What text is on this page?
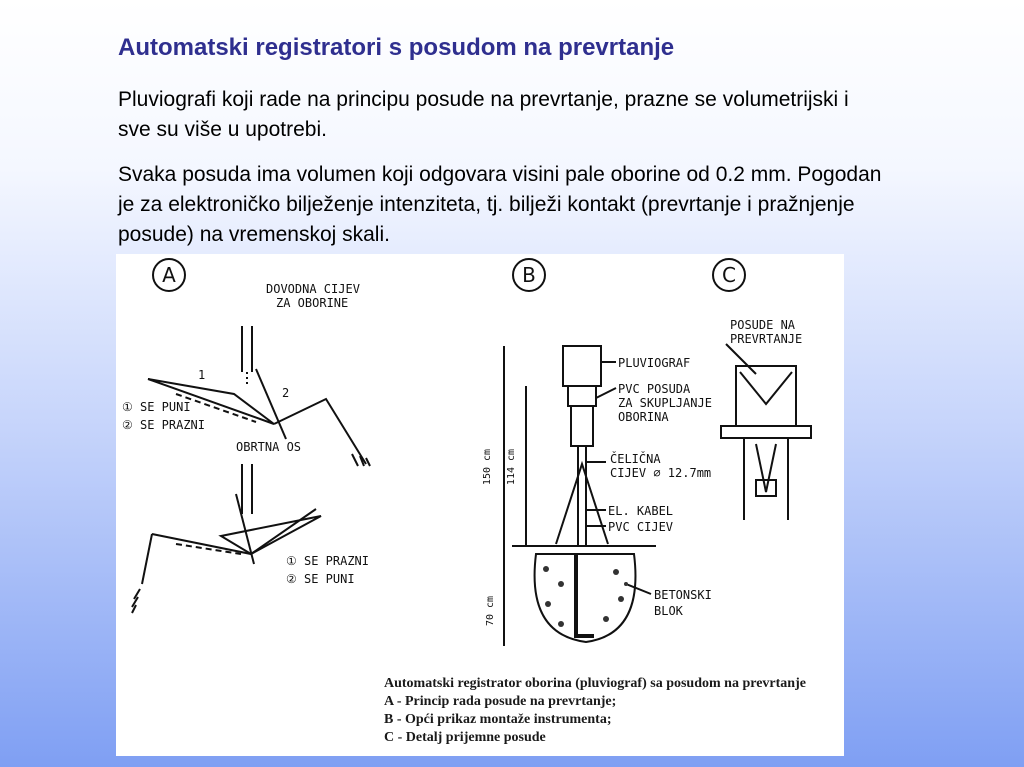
Automatski registratori s posudom na prevrtanje
Pluviografi koji rade na principu posude na prevrtanje, prazne se volumetrijski i sve su više u upotrebi.
Svaka posuda ima volumen koji odgovara visini pale oborine od 0.2 mm. Pogodan je za elektroničko bilježenje intenziteta, tj. bilježi kontakt (prevrtanje i pražnjenje posude) na vremenskoj skali.
A	B	C
DOVODNA CIJEV
ZA OBORINE
① SE PUNI
② SE PRAZNI
OBRTNA OS
① SE PRAZNI
② SE PUNI
1
2
PLUVIOGRAF
PVC POSUDA
ZA SKUPLJANJE
OBORINA
ČELIČNA
CIJEV ∅ 12.7mm
EL. KABEL
PVC CIJEV
BETONSKI
BLOK
150 cm 114 cm
70 cm
POSUDE NA
PREVRTANJE
Automatski registrator oborina (pluviograf) sa posudom na prevrtanje
A - Princip rada posude na prevrtanje;
B - Opći prikaz montaže instrumenta;
C - Detalj prijemne posude
